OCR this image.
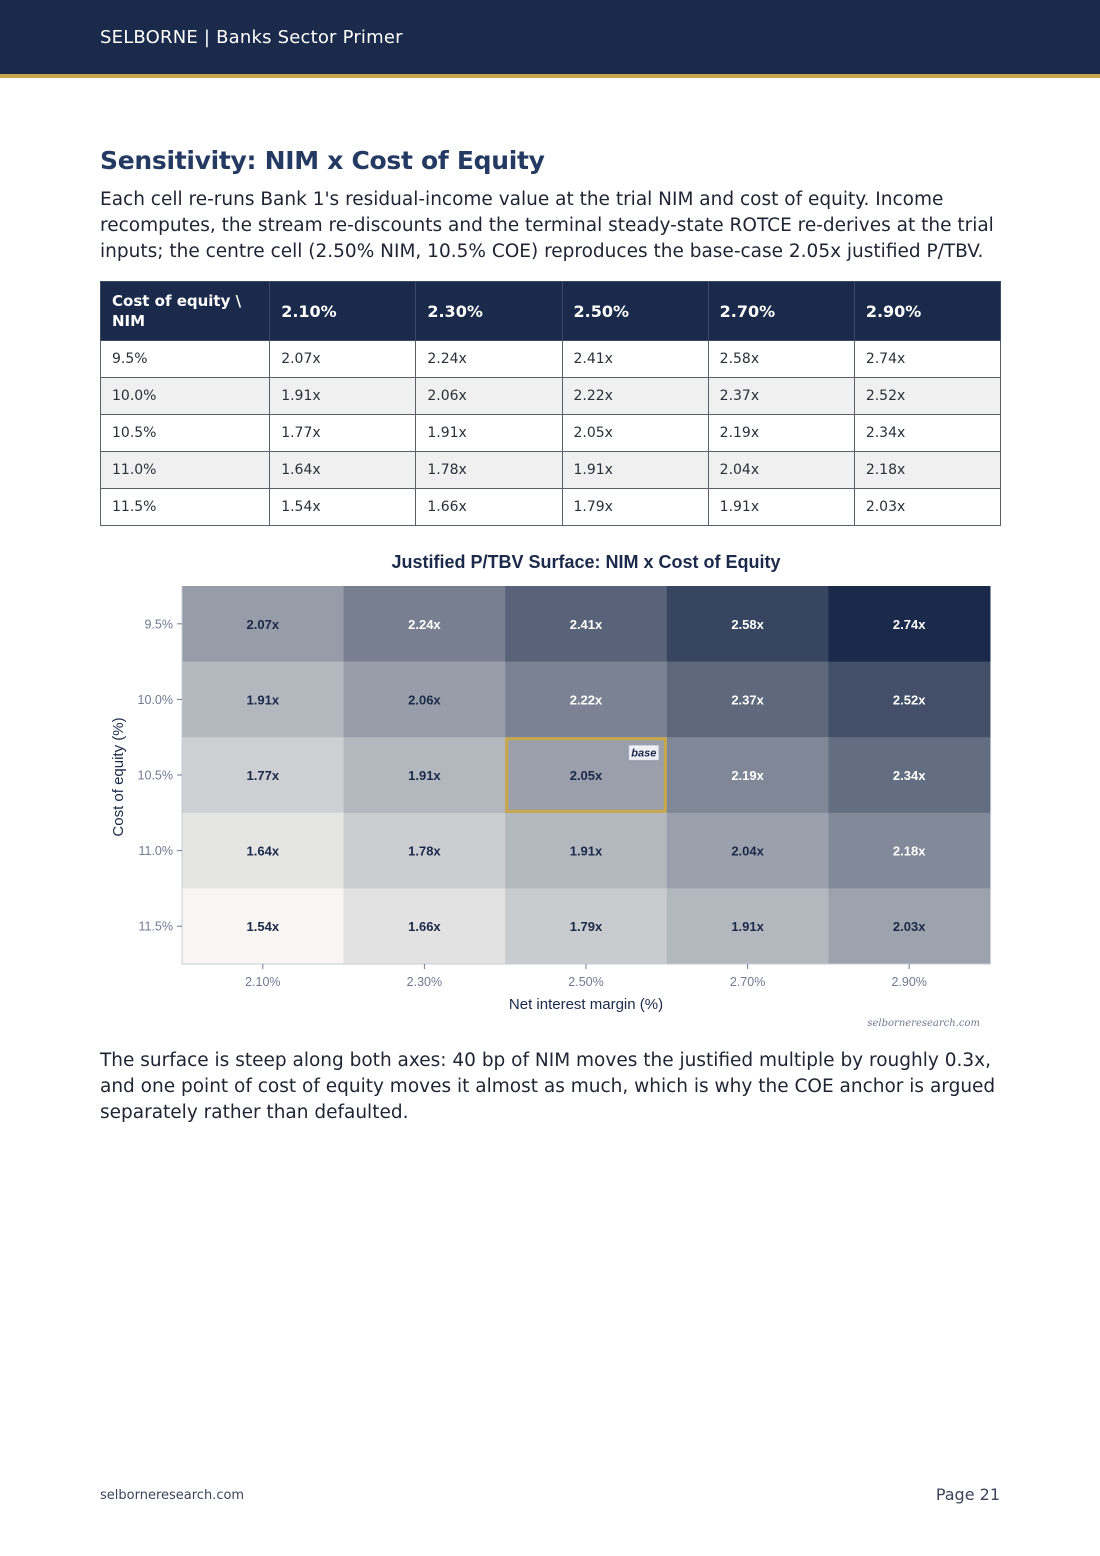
SELBORNE | Banks Sector Primer
Sensitivity: NIM x Cost of Equity
Each cell re-runs Bank 1's residual-income value at the trial NIM and cost of equity. Income recomputes, the stream re-discounts and the terminal steady-state ROTCE re-derives at the trial inputs; the centre cell (2.50% NIM, 10.5% COE) reproduces the base-case 2.05x justified P/TBV.
Cost of equity \ NIM	2.10%	2.30%	2.50%	2.70%	2.90%
9.5%	2.07x	2.24x	2.41x	2.58x	2.74x
10.0%	1.91x	2.06x	2.22x	2.37x	2.52x
10.5%	1.77x	1.91x	2.05x	2.19x	2.34x
11.0%	1.64x	1.78x	1.91x	2.04x	2.18x
11.5%	1.54x	1.66x	1.79x	1.91x	2.03x
Justified P/TBV Surface: NIM x Cost of Equity
2.07x	2.24x	2.41x	2.58x	2.74x
1.91x	2.06x	2.22x	2.37x	2.52x
1.77x	1.91x	2.05x	2.19x	2.34x
1.64x	1.78x	1.91x	2.04x	2.18x
1.54x	1.66x	1.79x	1.91x	2.03x
base
9.5%
10.0%
10.5%
11.0%
11.5%
2.10%	2.30%	2.50%	2.70%	2.90%
Net interest margin (%)
Cost of equity (%)
selborneresearch.com
The surface is steep along both axes: 40 bp of NIM moves the justified multiple by roughly 0.3x, and one point of cost of equity moves it almost as much, which is why the COE anchor is argued separately rather than defaulted.
selborneresearch.com	Page 21
